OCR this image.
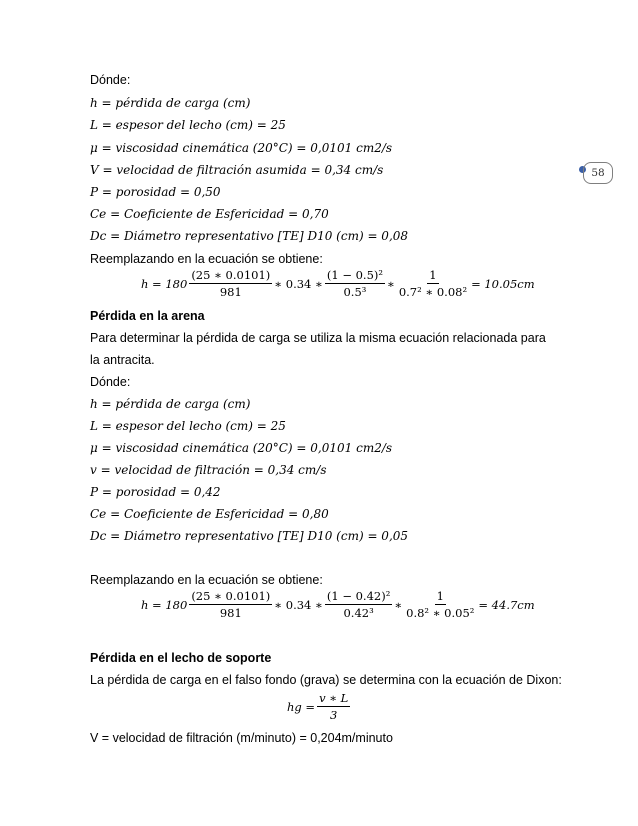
58
Dónde:
h = pérdida de carga (cm)
L = espesor del lecho (cm) = 25
μ = viscosidad cinemática (20°C) = 0,0101 cm2/s
V = velocidad de filtración asumida = 0,34 cm/s
P = porosidad = 0,50
Ce = Coeficiente de Esfericidad = 0,70
Dc = Diámetro representativo [TE] D10 (cm) = 0,08
Reemplazando en la ecuación se obtiene:
$h = 180 \frac{(25 ∗ 0.0101)}{981}$ ∗ 0.34 ∗ $\frac{\text{(1 − 0.5)²}}{\text{0.5³}}$ ∗ $\frac{1}{\text{0.7² ∗ 0.08²}} = 10.05cm$
Pérdida en la arena
Para determinar la pérdida de carga se utiliza la misma ecuación relacionada para
la antracita.
Dónde:
h = pérdida de carga (cm)
L = espesor del lecho (cm) = 25
μ = viscosidad cinemática (20°C) = 0,0101 cm2/s
v = velocidad de filtración = 0,34 cm/s
P = porosidad = 0,42
Ce = Coeficiente de Esfericidad = 0,80
Dc = Diámetro representativo [TE] D10 (cm) = 0,05
Reemplazando en la ecuación se obtiene:
$h = 180 \frac{(25 ∗ 0.0101)}{981}$ ∗ 0.34 ∗ $\frac{\text{(1 − 0.42)²}}{\text{0.42³}}$ ∗ $\frac{1}{\text{0.8² ∗ 0.05²}} = 44.7cm$
Pérdida en el lecho de soporte
La pérdida de carga en el falso fondo (grava) se determina con la ecuación de Dixon:
hg = $\frac{v ∗ L}{3}$
V = velocidad de filtración (m/minuto) = 0,204m/minuto
